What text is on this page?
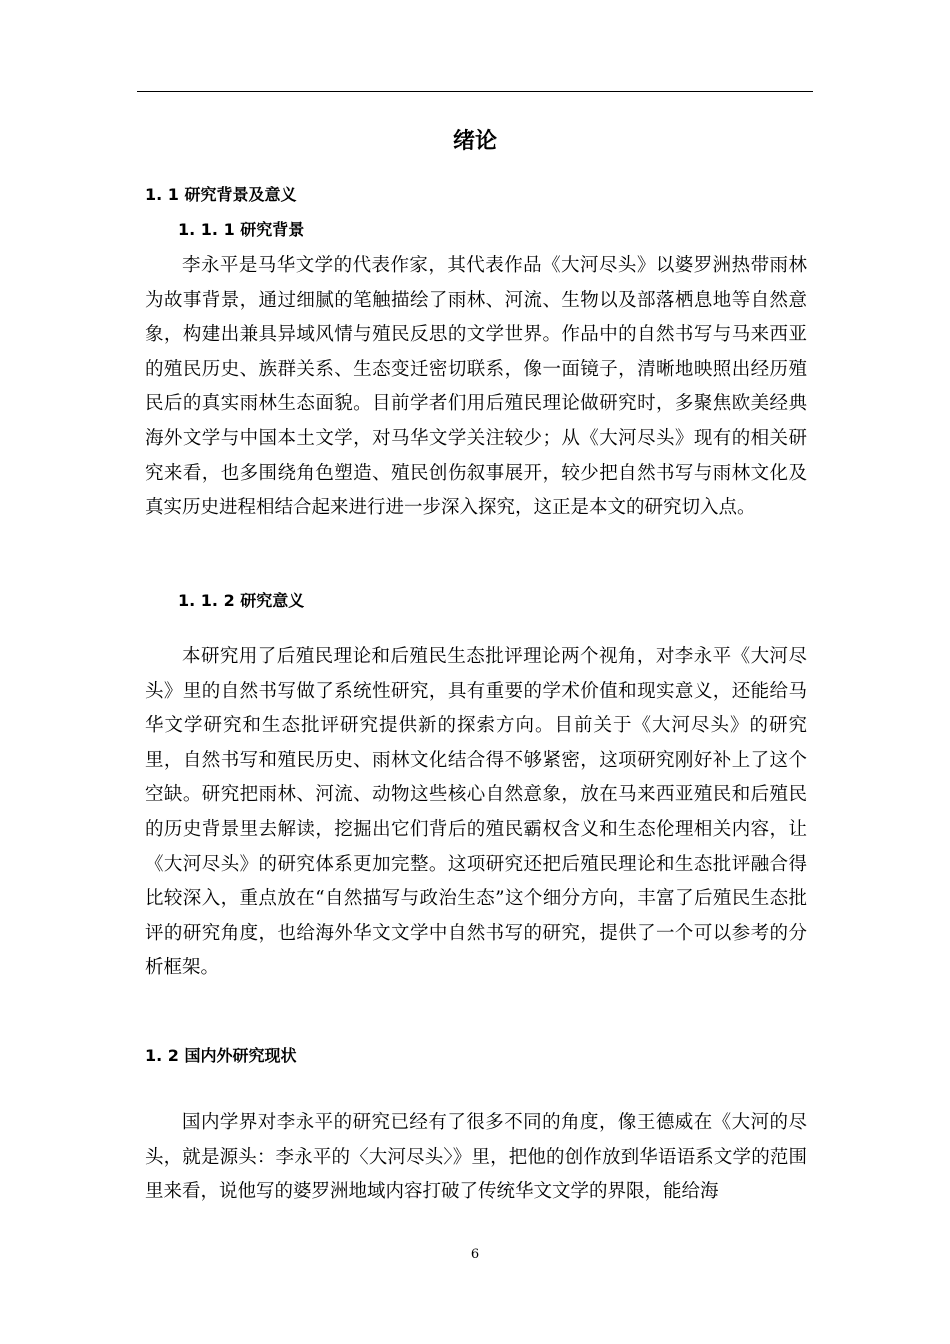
绪论
1. 1 研究背景及意义
1. 1. 1 研究背景

李永平是马华文学的代表作家，其代表作品《大河尽头》以婆罗洲热带雨林为故事背景，通过细腻的笔触描绘了雨林、河流、生物以及部落栖息地等自然意象，构建出兼具异域风情与殖民反思的文学世界。作品中的自然书写与马来西亚的殖民历史、族群关系、生态变迁密切联系，像一面镜子，清晰地映照出经历殖民后的真实雨林生态面貌。目前学者们用后殖民理论做研究时，多聚焦欧美经典海外文学与中国本土文学，对马华文学关注较少；从《大河尽头》现有的相关研究来看，也多围绕角色塑造、殖民创伤叙事展开，较少把自然书写与雨林文化及真实历史进程相结合起来进行进一步深入探究，这正是本文的研究切入点。

1. 1. 2 研究意义

本研究用了后殖民理论和后殖民生态批评理论两个视角，对李永平《大河尽头》里的自然书写做了系统性研究，具有重要的学术价值和现实意义，还能给马华文学研究和生态批评研究提供新的探索方向。目前关于《大河尽头》的研究里，自然书写和殖民历史、雨林文化结合得不够紧密，这项研究刚好补上了这个空缺。研究把雨林、河流、动物这些核心自然意象，放在马来西亚殖民和后殖民的历史背景里去解读，挖掘出它们背后的殖民霸权含义和生态伦理相关内容，让《大河尽头》的研究体系更加完整。这项研究还把后殖民理论和生态批评融合得比较深入，重点放在“自然描写与政治生态”这个细分方向，丰富了后殖民生态批评的研究角度，也给海外华文文学中自然书写的研究，提供了一个可以参考的分析框架。

1. 2 国内外研究现状

国内学界对李永平的研究已经有了很多不同的角度，像王德威在《大河的尽头，就是源头：李永平的〈大河尽头〉》里，把他的创作放到华语语系文学的范围里来看，说他写的婆罗洲地域内容打破了传统华文文学的界限，能给海

6
